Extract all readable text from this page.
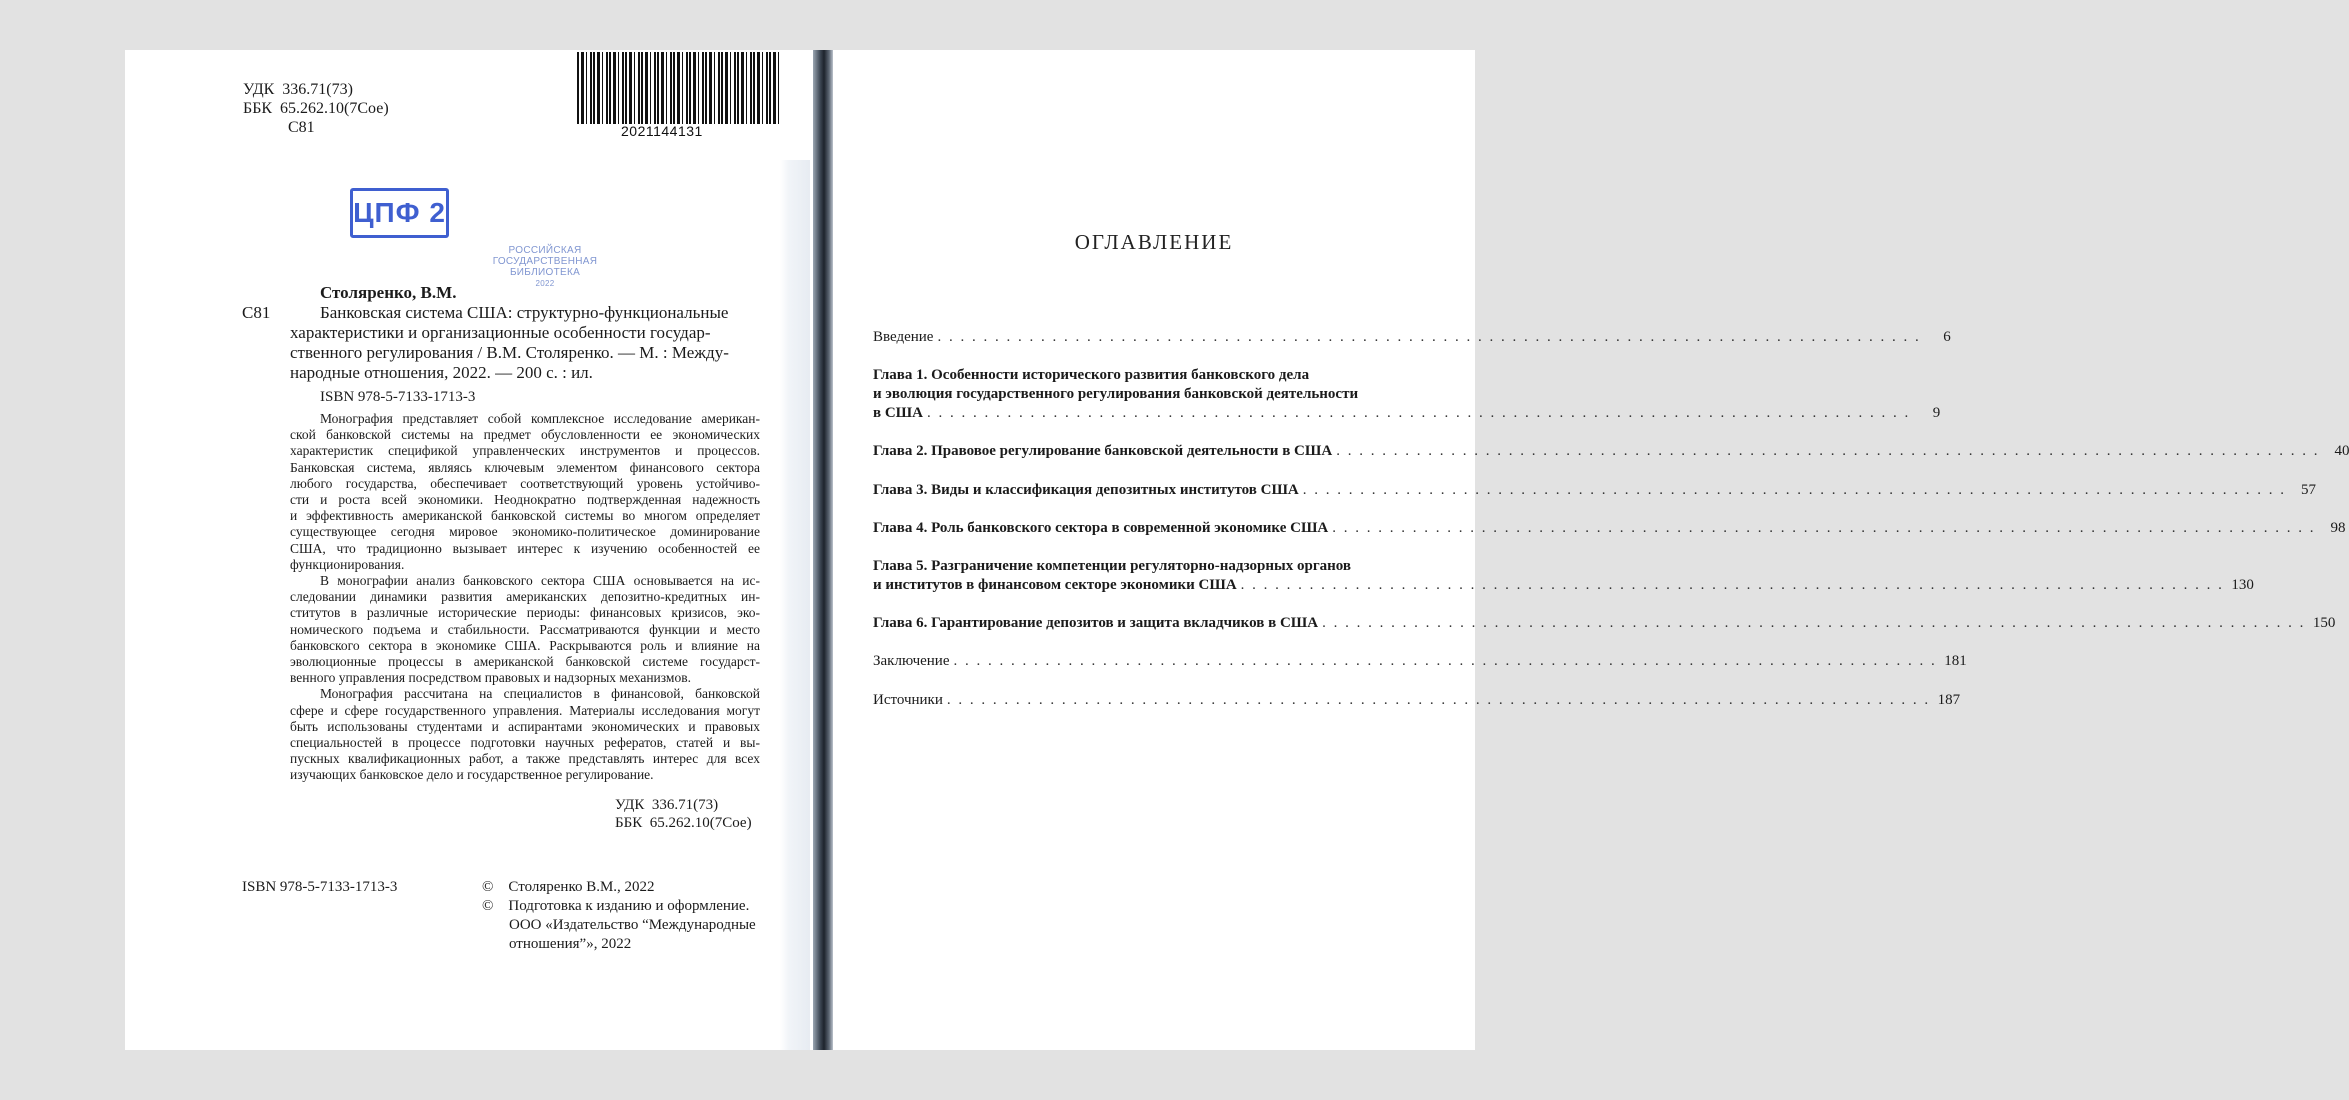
УДК 336.71(73)
ББК 65.262.10(7Сое)
С81	2021144131
ЦПФ 2
РОССИЙСКАЯ
ГОСУДАРСТВЕННАЯ
БИБЛИОТЕКА
2022
Столяренко, В.М.
С81	Банковская система США: структурно-функциональные
характеристики и организационные особенности государ-
ственного регулирования / В.М. Столяренко. — М. : Между-
народные отношения, 2022. — 200 с. : ил.
ISBN 978-5-7133-1713-3
Монография представляет собой комплексное исследование американ-
ской банковской системы на предмет обусловленности ее экономических
характеристик спецификой управленческих инструментов и процессов.
Банковская система, являясь ключевым элементом финансового сектора
любого государства, обеспечивает соответствующий уровень устойчиво-
сти и роста всей экономики. Неоднократно подтвержденная надежность
и эффективность американской банковской системы во многом определяет
существующее сегодня мировое экономико-политическое доминирование
США, что традиционно вызывает интерес к изучению особенностей ее
функционирования.
В монографии анализ банковского сектора США основывается на ис-
следовании динамики развития американских депозитно-кредитных ин-
ститутов в различные исторические периоды: финансовых кризисов, эко-
номического подъема и стабильности. Рассматриваются функции и место
банковского сектора в экономике США. Раскрываются роль и влияние на
эволюционные процессы в американской банковской системе государст-
венного управления посредством правовых и надзорных механизмов.
Монография рассчитана на специалистов в финансовой, банковской
сфере и сфере государственного управления. Материалы исследования могут
быть использованы студентами и аспирантами экономических и правовых
специальностей в процессе подготовки научных рефератов, статей и вы-
пускных квалификационных работ, а также представлять интерес для всех
изучающих банковское дело и государственное регулирование.
УДК 336.71(73)
ББК 65.262.10(7Сое)
ISBN 978-5-7133-1713-3	© Столяренко В.М., 2022
© Подготовка к изданию и оформление.
ООО «Издательство “Международные
отношения”», 2022
ОГЛАВЛЕНИЕ
Введение . . . . . . . . . . . . . . . . . . . . . . . . . . . . . . . . . . . . . . . . . . . . . . . . . . . . . . . . . . . . . . . . . . . . . . . . . . . . . . . . . . . . . .	6
Глава 1. Особенности исторического развития банковского дела
и эволюция государственного регулирования банковской деятельности
в США . . . . . . . . . . . . . . . . . . . . . . . . . . . . . . . . . . . . . . . . . . . . . . . . . . . . . . . . . . . . . . . . . . . . . . . . . . . . . . . . . . . . . .	9
Глава 2. Правовое регулирование банковской деятельности в США . . . . . . . . . . . . . . . . . . . . . . . . . . . . . . . . . . . . . . . . . . . . . . . . . . . . . . . . . . . . . . . . . . . . . . . . . . . . . . . . . . . . . .	40
Глава 3. Виды и классификация депозитных институтов США . . . . . . . . . . . . . . . . . . . . . . . . . . . . . . . . . . . . . . . . . . . . . . . . . . . . . . . . . . . . . . . . . . . . . . . . . . . . . . . . . . . . . .	57
Глава 4. Роль банковского сектора в современной экономике США . . . . . . . . . . . . . . . . . . . . . . . . . . . . . . . . . . . . . . . . . . . . . . . . . . . . . . . . . . . . . . . . . . . . . . . . . . . . . . . . . . . . . .	98
Глава 5. Разграничение компетенции регуляторно-надзорных органов
и институтов в финансовом секторе экономики США . . . . . . . . . . . . . . . . . . . . . . . . . . . . . . . . . . . . . . . . . . . . . . . . . . . . . . . . . . . . . . . . . . . . . . . . . . . . . . . . . . . . . . 130
Глава 6. Гарантирование депозитов и защита вкладчиков в США . . . . . . . . . . . . . . . . . . . . . . . . . . . . . . . . . . . . . . . . . . . . . . . . . . . . . . . . . . . . . . . . . . . . . . . . . . . . . . . . . . . . . . 150
Заключение . . . . . . . . . . . . . . . . . . . . . . . . . . . . . . . . . . . . . . . . . . . . . . . . . . . . . . . . . . . . . . . . . . . . . . . . . . . . . . . . . . . . . . 181
Источники . . . . . . . . . . . . . . . . . . . . . . . . . . . . . . . . . . . . . . . . . . . . . . . . . . . . . . . . . . . . . . . . . . . . . . . . . . . . . . . . . . . . . . 187
